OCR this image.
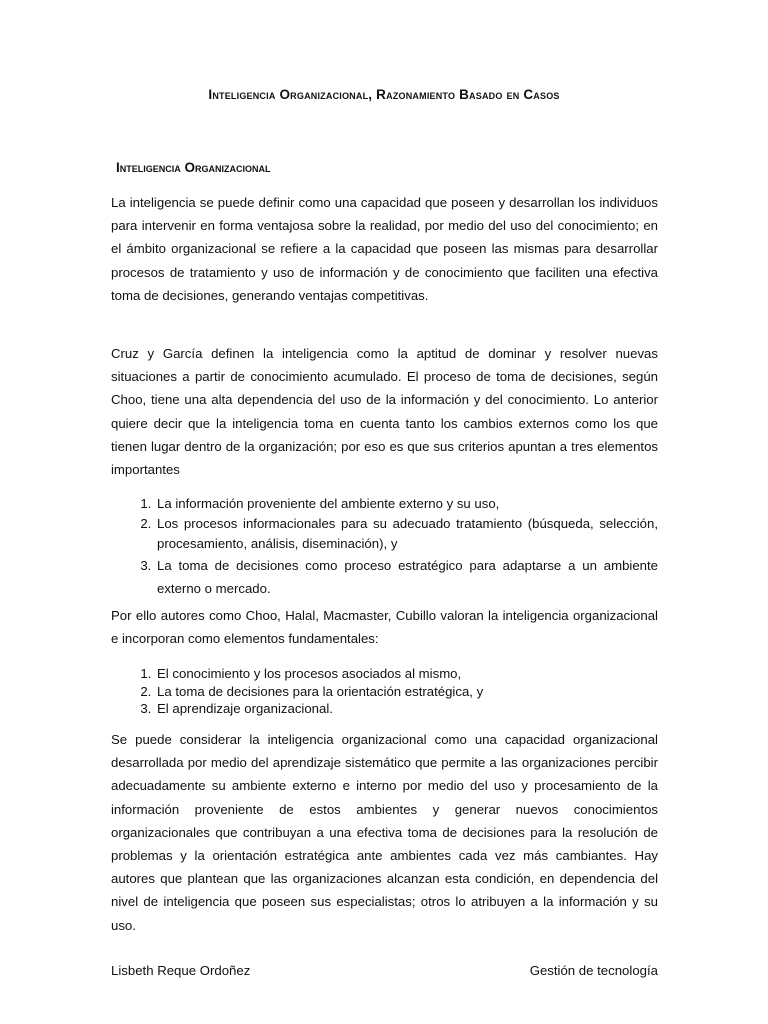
Inteligencia Organizacional, Razonamiento Basado en Casos
Inteligencia Organizacional

La inteligencia se puede definir como una capacidad que poseen y desarrollan los individuos para intervenir en forma ventajosa sobre la realidad, por medio del uso del conocimiento; en el ámbito organizacional se refiere a la capacidad que poseen las mismas para desarrollar procesos de tratamiento y uso de información y de conocimiento que faciliten una efectiva toma de decisiones, generando ventajas competitivas.

Cruz y García definen la inteligencia como la aptitud de dominar y resolver nuevas situaciones a partir de conocimiento acumulado. El proceso de toma de decisiones, según Choo, tiene una alta dependencia del uso de la información y del conocimiento. Lo anterior quiere decir que la inteligencia toma en cuenta tanto los cambios externos como los que tienen lugar dentro de la organización; por eso es que sus criterios apuntan a tres elementos importantes

1. La información proveniente del ambiente externo y su uso,
2. Los procesos informacionales para su adecuado tratamiento (búsqueda, selección, procesamiento, análisis, diseminación), y
3. La toma de decisiones como proceso estratégico para adaptarse a un ambiente externo o mercado.

Por ello autores como Choo, Halal, Macmaster, Cubillo valoran la inteligencia organizacional e incorporan como elementos fundamentales:

1. El conocimiento y los procesos asociados al mismo,
2. La toma de decisiones para la orientación estratégica, y
3. El aprendizaje organizacional.

Se puede considerar la inteligencia organizacional como una capacidad organizacional desarrollada por medio del aprendizaje sistemático que permite a las organizaciones percibir adecuadamente su ambiente externo e interno por medio del uso y procesamiento de la información proveniente de estos ambientes y generar nuevos conocimientos organizacionales que contribuyan a una efectiva toma de decisiones para la resolución de problemas y la orientación estratégica ante ambientes cada vez más cambiantes. Hay autores que plantean que las organizaciones alcanzan esta condición, en dependencia del nivel de inteligencia que poseen sus especialistas; otros lo atribuyen a la información y su uso.

Lisbeth Reque Ordoñez	Gestión de tecnología
